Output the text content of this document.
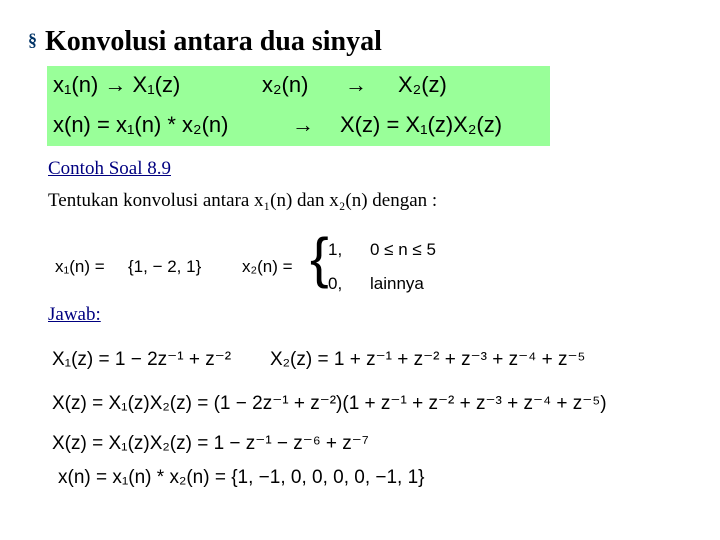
§ Konvolusi antara dua sinyal
x₁(n) → X₁(z)	x₂(n) → X₂(z)
x(n) = x₁(n) * x₂(n)	→ X(z) = X₁(z)X₂(z)
Contoh Soal 8.9
Tentukan konvolusi antara x₁(n) dan x₂(n) dengan :
x₁(n) = {1, − 2, 1} x₂(n) = { 1, 0 ≤ n ≤ 5
0, lainnya
Jawab:
X₁(z) = 1 − 2z⁻¹ + z⁻² X₂(z) = 1 + z⁻¹ + z⁻² + z⁻³ + z⁻⁴ + z⁻⁵
X(z) = X₁(z)X₂(z) = (1 − 2z⁻¹ + z⁻²)(1 + z⁻¹ + z⁻² + z⁻³ + z⁻⁴ + z⁻⁵)
X(z) = X₁(z)X₂(z) = 1 − z⁻¹ − z⁻⁶ + z⁻⁷
x(n) = x₁(n) * x₂(n) = {1, −1, 0, 0, 0, 0, −1, 1}
